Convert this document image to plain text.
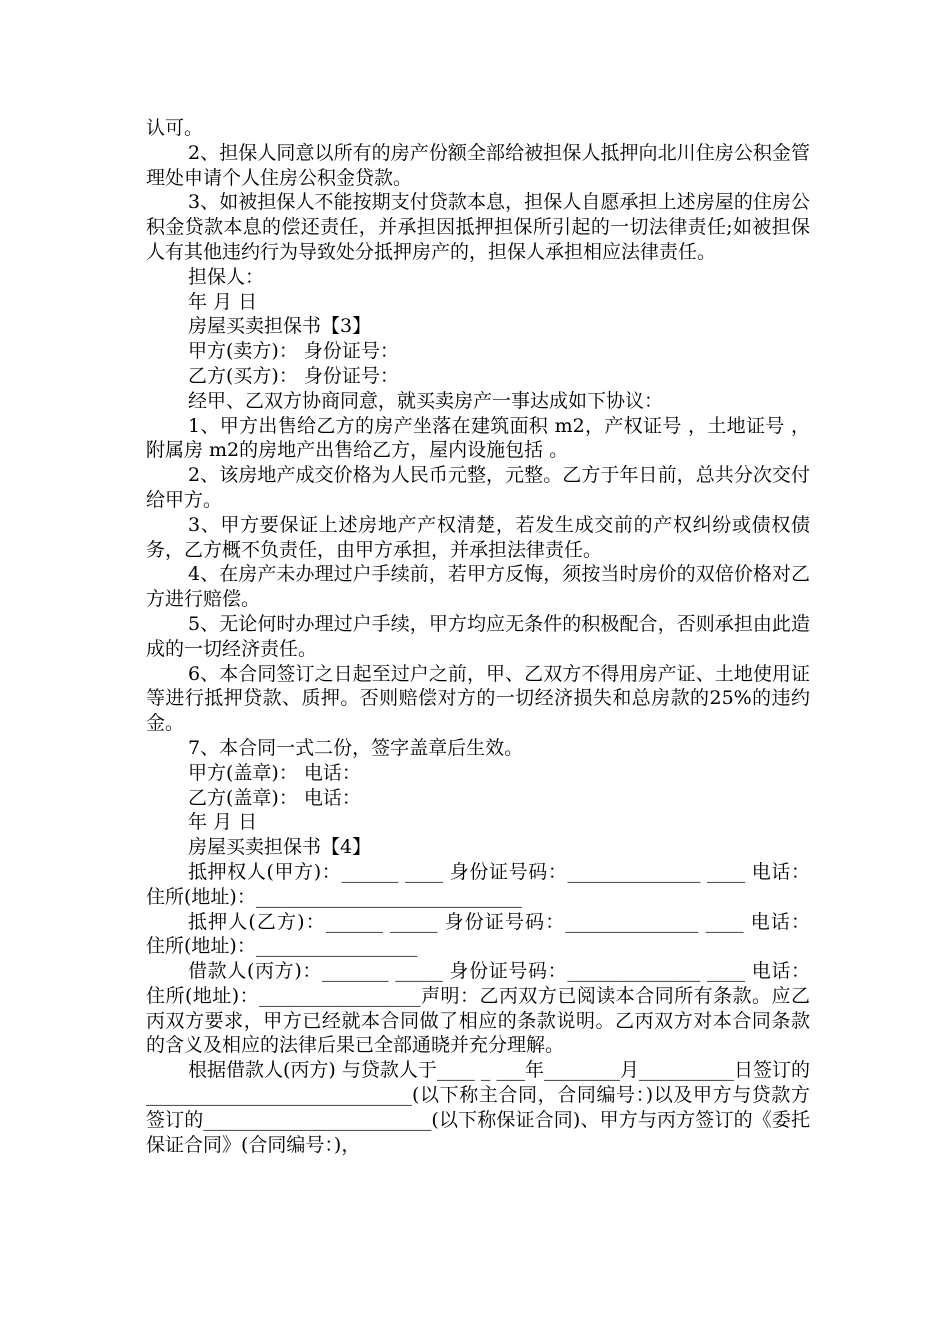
认可。

2、担保人同意以所有的房产份额全部给被担保人抵押向北川住房公积金管理处申请个人住房公积金贷款。

3、如被担保人不能按期支付贷款本息，担保人自愿承担上述房屋的住房公积金贷款本息的偿还责任，并承担因抵押担保所引起的一切法律责任;如被担保人有其他违约行为导致处分抵押房产的，担保人承担相应法律责任。

担保人：

年 月 日

房屋买卖担保书【3】

甲方(卖方)： 身份证号：

乙方(买方)： 身份证号：

经甲、乙双方协商同意，就买卖房产一事达成如下协议：

1、甲方出售给乙方的房产坐落在建筑面积 m2，产权证号 ，土地证号 ，附属房 m2的房地产出售给乙方，屋内设施包括 。

2、该房地产成交价格为人民币元整，元整。乙方于年日前，总共分次交付给甲方。

3、甲方要保证上述房地产产权清楚，若发生成交前的产权纠纷或债权债务，乙方概不负责任，由甲方承担，并承担法律责任。

4、在房产未办理过户手续前，若甲方反悔，须按当时房价的双倍价格对乙方进行赔偿。

5、无论何时办理过户手续，甲方均应无条件的积极配合，否则承担由此造成的一切经济责任。

6、本合同签订之日起至过户之前，甲、乙双方不得用房产证、土地使用证等进行抵押贷款、质押。否则赔偿对方的一切经济损失和总房款的25%的违约金。

7、本合同一式二份，签字盖章后生效。

甲方(盖章)： 电话：

乙方(盖章)： 电话：

年 月 日

房屋买卖担保书【4】

抵押权人(甲方)：______ ____ 身份证号码：______________ ____ 电话： 住所(地址)：____________________________

抵押人(乙方)：______ _____ 身份证号码：______________ ____ 电话： 住所(地址)：_________________

借款人(丙方)：_______ _____ 身份证号码：______________ ____ 电话： 住所(地址)：_________________声明：乙丙双方已阅读本合同所有条款。应乙丙双方要求，甲方已经就本合同做了相应的条款说明。乙丙双方对本合同条款的含义及相应的法律后果已全部通晓并充分理解。

根据借款人(丙方) 与贷款人于____ _ ___年________月__________日签订的____________________________(以下称主合同，合同编号：)以及甲方与贷款方签订的________________________(以下称保证合同)、甲方与丙方签订的《委托保证合同》(合同编号：)，
